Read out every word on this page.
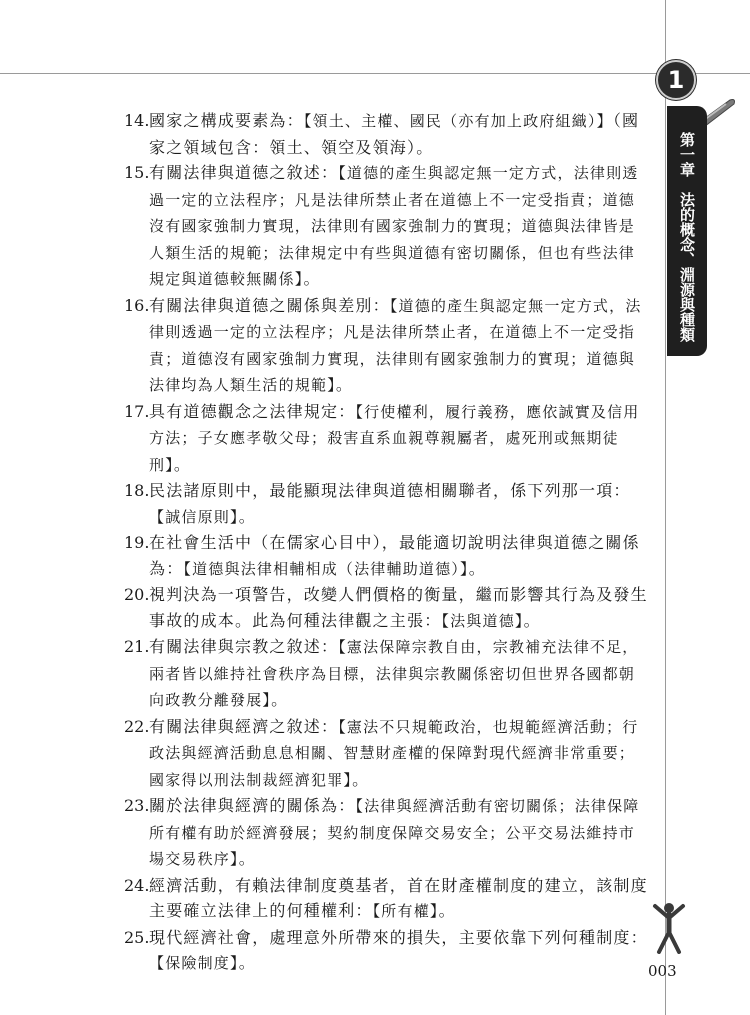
1
第一章　法的概念、淵源與種類
14. 國家之構成要素為：【領土、主權、國民（亦有加上政府組織）】（國家之領域包含：領土、領空及領海）。
15. 有關法律與道德之敘述：【道德的產生與認定無一定方式，法律則透過一定的立法程序；凡是法律所禁止者在道德上不一定受指責；道德沒有國家強制力實現，法律則有國家強制力的實現；道德與法律皆是人類生活的規範；法律規定中有些與道德有密切關係，但也有些法律規定與道德較無關係】。
16. 有關法律與道德之關係與差別：【道德的產生與認定無一定方式，法律則透過一定的立法程序；凡是法律所禁止者，在道德上不一定受指責；道德沒有國家強制力實現，法律則有國家強制力的實現；道德與法律均為人類生活的規範】。
17. 具有道德觀念之法律規定：【行使權利，履行義務，應依誠實及信用方法；子女應孝敬父母；殺害直系血親尊親屬者，處死刑或無期徒刑】。
18. 民法諸原則中，最能顯現法律與道德相關聯者，係下列那一項：【誠信原則】。
19. 在社會生活中（在儒家心目中），最能適切說明法律與道德之關係為：【道德與法律相輔相成（法律輔助道德）】。
20. 視判決為一項警告，改變人們價格的衡量，繼而影響其行為及發生事故的成本。此為何種法律觀之主張：【法與道德】。
21. 有關法律與宗教之敘述：【憲法保障宗教自由，宗教補充法律不足，兩者皆以維持社會秩序為目標，法律與宗教關係密切但世界各國都朝向政教分離發展】。
22. 有關法律與經濟之敘述：【憲法不只規範政治，也規範經濟活動；行政法與經濟活動息息相關、智慧財產權的保障對現代經濟非常重要；國家得以刑法制裁經濟犯罪】。
23. 關於法律與經濟的關係為：【法律與經濟活動有密切關係；法律保障所有權有助於經濟發展；契約制度保障交易安全；公平交易法維持市場交易秩序】。
24. 經濟活動，有賴法律制度奠基者，首在財產權制度的建立，該制度主要確立法律上的何種權利：【所有權】。
25. 現代經濟社會，處理意外所帶來的損失，主要依靠下列何種制度：【保險制度】。	003
